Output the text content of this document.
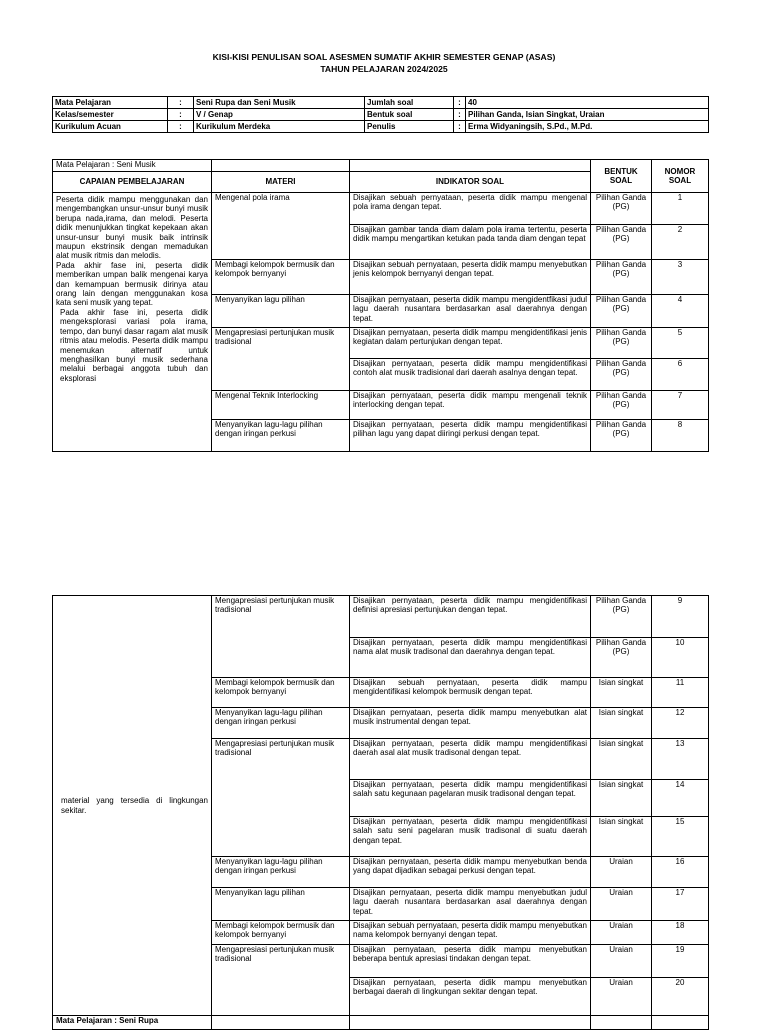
KISI-KISI PENULISAN SOAL ASESMEN SUMATIF AKHIR SEMESTER GENAP (ASAS)
TAHUN PELAJARAN 2024/2025
Mata Pelajaran	:	Seni Rupa dan Seni Musik	Jumlah soal	:	40
Kelas/semester	:	V / Genap	Bentuk soal	:	Pilihan Ganda, Isian Singkat, Uraian
Kurikulum Acuan	:	Kurikulum Merdeka	Penulis	:	Erma Widyaningsih, S.Pd., M.Pd.
Mata Pelajaran : Seni Musik			BENTUK SOAL	NOMOR SOAL
CAPAIAN PEMBELAJARAN	MATERI	INDIKATOR SOAL		

Peserta didik mampu menggunakan dan mengembangkan unsur-unsur bunyi musik berupa nada,irama, dan melodi. Peserta didik menunjukkan tingkat kepekaan akan unsur-unsur bunyi musik baik intrinsik maupun ekstrinsik dengan memadukan alat musik ritmis dan melodis.
Pada akhir fase ini, peserta didik memberikan umpan balik mengenai karya dan kemampuan bermusik dirinya atau orang lain dengan menggunakan kosa kata seni musik yang tepat.
Pada akhir fase ini, peserta didik mengeksplorasi variasi pola irama, tempo, dan bunyi dasar ragam alat musik ritmis atau melodis. Peserta didik mampu menemukan alternatif untuk menghasilkan bunyi musik sederhana melalui berbagai anggota tubuh dan eksplorasi	Mengenal pola irama	Disajikan sebuah pernyataan, peserta didik mampu mengenal pola irama dengan tepat.	Pilihan Ganda (PG)	1
		Disajikan gambar tanda diam dalam pola irama tertentu, peserta didik mampu mengartikan ketukan pada tanda diam dengan tepat	Pilihan Ganda (PG)	2
	Membagi kelompok bermusik dan kelompok bernyanyi	Disajikan sebuah pernyataan, peserta didik mampu menyebutkan jenis kelompok bernyanyi dengan tepat.	Pilihan Ganda (PG)	3
	Menyanyikan lagu pilihan	Disajikan pernyataan, peserta didik mampu mengidentfikasi judul lagu daerah nusantara berdasarkan asal daerahnya dengan tepat.	Pilihan Ganda (PG)	4
	Mengapresiasi pertunjukan musik tradisional	Disajikan pernyataan, peserta didik mampu mengidentifikasi jenis kegiatan dalam pertunjukan dengan tepat.	Pilihan Ganda (PG)	5
		Disajikan pernyataan, peserta didik mampu mengidentifikasi contoh alat musik tradisional dari daerah asalnya dengan tepat.	Pilihan Ganda (PG)	6
	Mengenal Teknik Interlocking	Disajikan pernyataan, peserta didik mampu mengenali teknik interlocking dengan tepat.	Pilihan Ganda (PG)	7
	Menyanyikan lagu-lagu pilihan dengan iringan perkusi	Disajikan pernyataan, peserta didik mampu mengidentifikasi pilihan lagu yang dapat diiringi perkusi dengan tepat.	Pilihan Ganda (PG)	8
material yang tersedia di lingkungan sekitar.	Mengapresiasi pertunjukan musik tradisional	Disajikan pernyataan, peserta didik mampu mengidentifikasi definisi apresiasi pertunjukan dengan tepat.	Pilihan Ganda (PG)	9
		Disajikan pernyataan, peserta didik mampu mengidentifikasi nama alat musik tradisonal dan daerahnya dengan tepat.	Pilihan Ganda (PG)	10
	Membagi kelompok bermusik dan kelompok bernyanyi	Disajikan sebuah pernyataan, peserta didik mampu mengidentifikasi kelompok bermusik dengan tepat.	Isian singkat	11
	Menyanyikan lagu-lagu pilihan dengan iringan perkusi	Disajikan pernyataan, peserta didik mampu menyebutkan alat musik instrumental dengan tepat.	Isian singkat	12
	Mengapresiasi pertunjukan musik tradisional	Disajikan pernyataan, peserta didik mampu mengidentifikasi daerah asal alat musik tradisonal dengan tepat.	Isian singkat	13
		Disajikan pernyataan, peserta didik mampu mengidentifikasi salah satu kegunaan pagelaran musik tradisonal dengan tepat.	Isian singkat	14
		Disajikan pernyataan, peserta didik mampu mengidentifikasi salah satu seni pagelaran musik tradisonal di suatu daerah dengan tepat.	Isian singkat	15
	Menyanyikan lagu-lagu pilihan dengan iringan perkusi	Disajikan pernyataan, peserta didik mampu menyebutkan benda yang dapat dijadikan sebagai perkusi dengan tepat.	Uraian	16
	Menyanyikan lagu pilihan	Disajikan pernyataan, peserta didik mampu menyebutkan judul lagu daerah nusantara berdasarkan asal daerahnya dengan tepat.	Uraian	17
	Membagi kelompok bermusik dan kelompok bernyanyi	Disajikan sebuah pernyataan, peserta didik mampu menyebutkan nama kelompok bernyanyi dengan tepat.	Uraian	18
	Mengapresiasi pertunjukan musik tradisional	Disajikan pernyataan, peserta didik mampu menyebutkan beberapa bentuk apresiasi tindakan dengan tepat.	Uraian	19
		Disajikan pernyataan, peserta didik mampu menyebutkan berbagai daerah di lingkungan sekitar dengan tepat.	Uraian	20
Mata Pelajaran : Seni Rupa				
